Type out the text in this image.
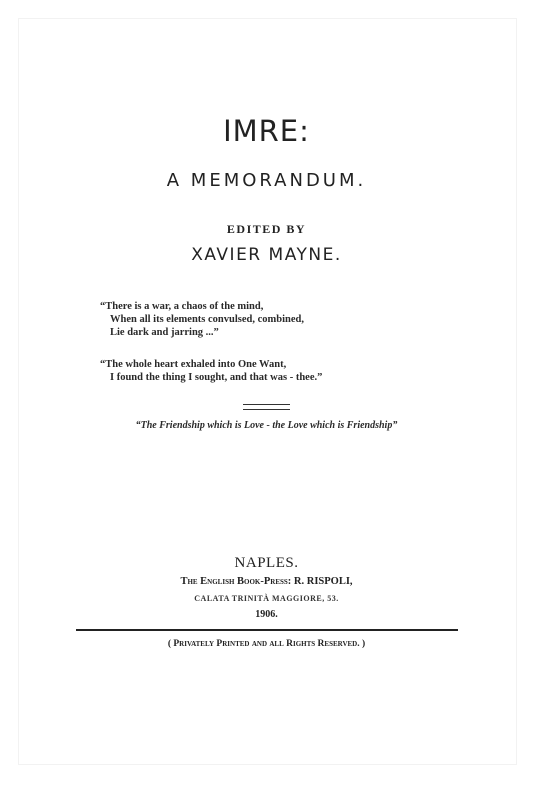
IMRE:
A MEMORANDUM.
EDITED BY
XAVIER MAYNE.
“There is a war, a chaos of the mind,
When all its elements convulsed, combined,
Lie dark and jarring ...”
“The whole heart exhaled into One Want,
I found the thing I sought, and that was - thee.”
“The Friendship which is Love - the Love which is Friendship”
NAPLES.
The English Book-Press: R. RISPOLI,
CALATA TRINITÀ MAGGIORE, 53.
1906.
( Privately Printed and all Rights Reserved. )
